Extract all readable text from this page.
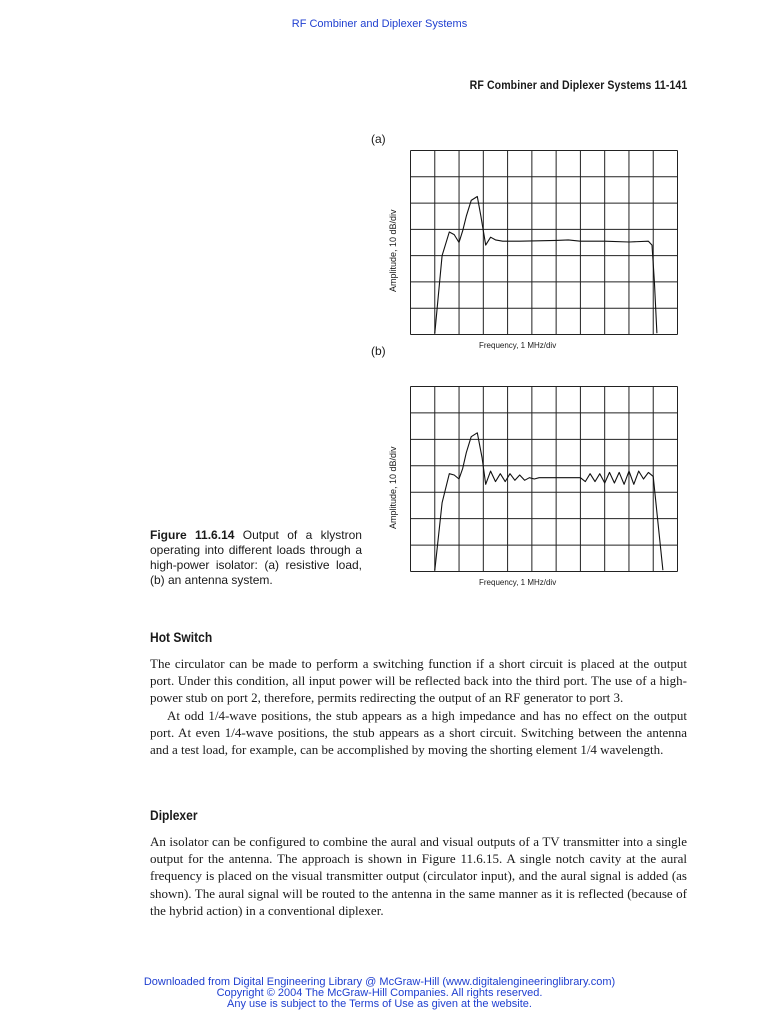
RF Combiner and Diplexer Systems
RF Combiner and Diplexer Systems 11-141
(a)
Amplitude, 10 dB/div
Frequency, 1 MHz/div
(b)
Amplitude, 10 dB/div
Frequency, 1 MHz/div
Figure 11.6.14 Output of a klystron operating into different loads through a high-power isolator: (a) resistive load, (b) an antenna system.
Hot Switch

The circulator can be made to perform a switching function if a short circuit is placed at the output port. Under this condition, all input power will be reflected back into the third port. The use of a high-power stub on port 2, therefore, permits redirecting the output of an RF generator to port 3.

At odd 1/4-wave positions, the stub appears as a high impedance and has no effect on the output port. At even 1/4-wave positions, the stub appears as a short circuit. Switching between the antenna and a test load, for example, can be accomplished by moving the shorting element 1/4 wavelength.

Diplexer

An isolator can be configured to combine the aural and visual outputs of a TV transmitter into a single output for the antenna. The approach is shown in Figure 11.6.15. A single notch cavity at the aural frequency is placed on the visual transmitter output (circulator input), and the aural signal is added (as shown). The aural signal will be routed to the antenna in the same manner as it is reflected (because of the hybrid action) in a conventional diplexer.

Downloaded from Digital Engineering Library @ McGraw-Hill (www.digitalengineeringlibrary.com)
Copyright © 2004 The McGraw-Hill Companies. All rights reserved.
Any use is subject to the Terms of Use as given at the website.
